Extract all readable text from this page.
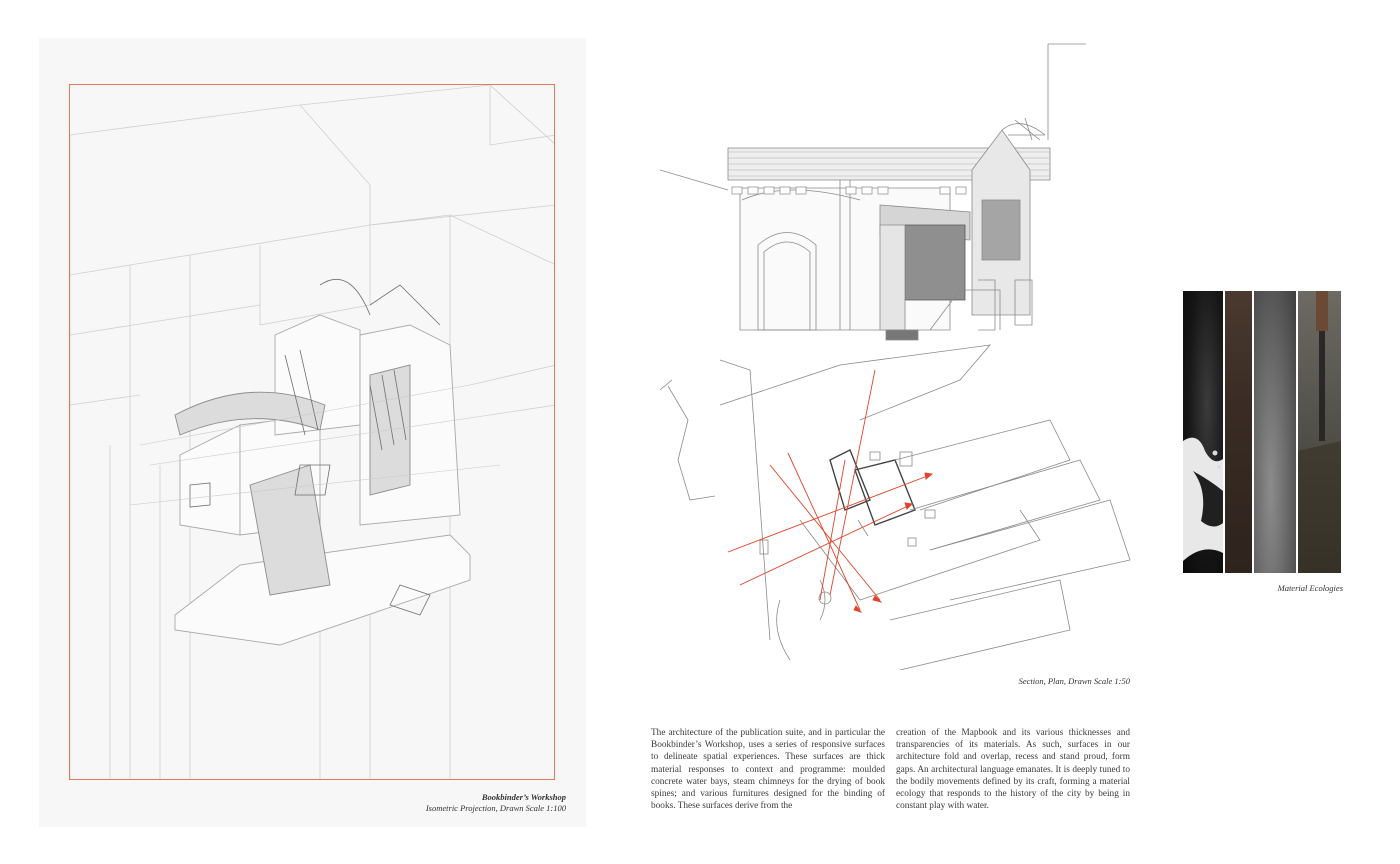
Bookbinder’s Workshop
Isometric Projection, Drawn Scale 1:100
Section, Plan, Drawn Scale 1:50

The architecture of the publication suite, and in particular the Bookbinder’s Workshop, uses a series of responsive surfaces to delineate spatial experiences. These surfaces are thick material responses to context and programme: moulded concrete water bays, steam chimneys for the drying of book spines; and various furnitures designed for the binding of books. These surfaces derive from the

creation of the Mapbook and its various thicknesses and transparencies of its materials. As such, surfaces in our architecture fold and overlap, recess and stand proud, form gaps. An architectural language emanates. It is deeply tuned to the bodily movements defined by its craft, forming a material ecology that responds to the history of the city by being in constant play with water.

Material Ecologies
